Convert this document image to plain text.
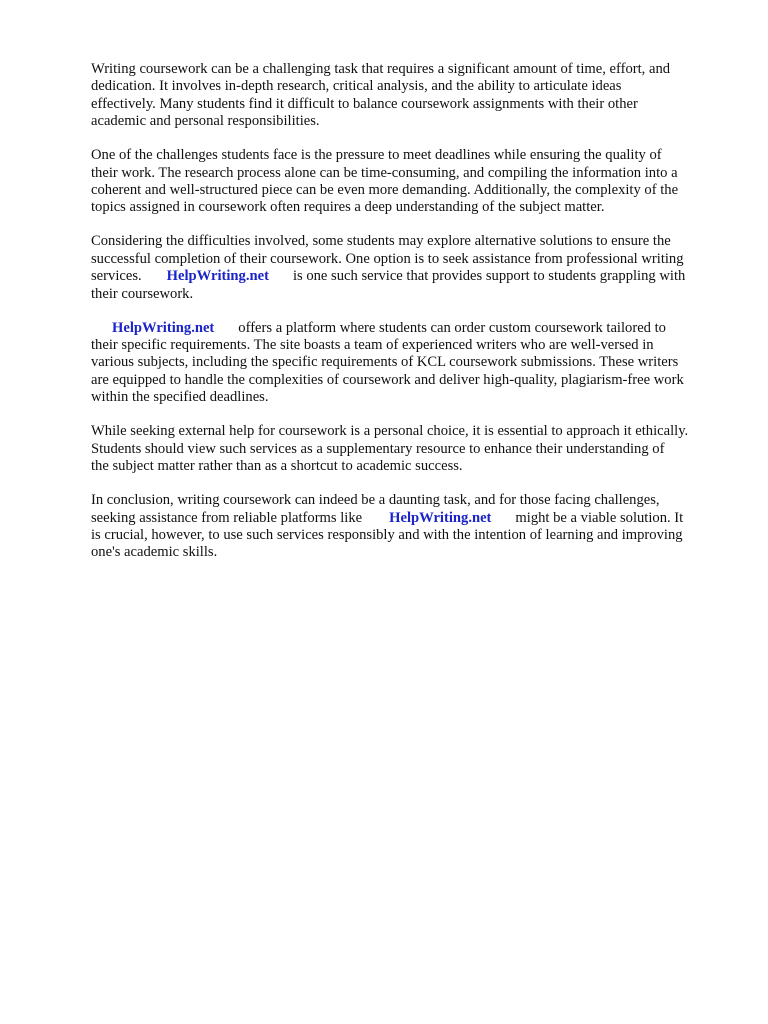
Writing coursework can be a challenging task that requires a significant amount of time, effort, and
dedication. It involves in-depth research, critical analysis, and the ability to articulate ideas
effectively. Many students find it difficult to balance coursework assignments with their other
academic and personal responsibilities.

One of the challenges students face is the pressure to meet deadlines while ensuring the quality of
their work. The research process alone can be time-consuming, and compiling the information into a
coherent and well-structured piece can be even more demanding. Additionally, the complexity of the
topics assigned in coursework often requires a deep understanding of the subject matter.

Considering the difficulties involved, some students may explore alternative solutions to ensure the
successful completion of their coursework. One option is to seek assistance from professional writing
services. HelpWriting.net is one such service that provides support to students grappling with
their coursework.

HelpWriting.net offers a platform where students can order custom coursework tailored to
their specific requirements. The site boasts a team of experienced writers who are well-versed in
various subjects, including the specific requirements of KCL coursework submissions. These writers
are equipped to handle the complexities of coursework and deliver high-quality, plagiarism-free work
within the specified deadlines.

While seeking external help for coursework is a personal choice, it is essential to approach it ethically.
Students should view such services as a supplementary resource to enhance their understanding of
the subject matter rather than as a shortcut to academic success.

In conclusion, writing coursework can indeed be a daunting task, and for those facing challenges,
seeking assistance from reliable platforms like HelpWriting.net might be a viable solution. It
is crucial, however, to use such services responsibly and with the intention of learning and improving
one's academic skills.
